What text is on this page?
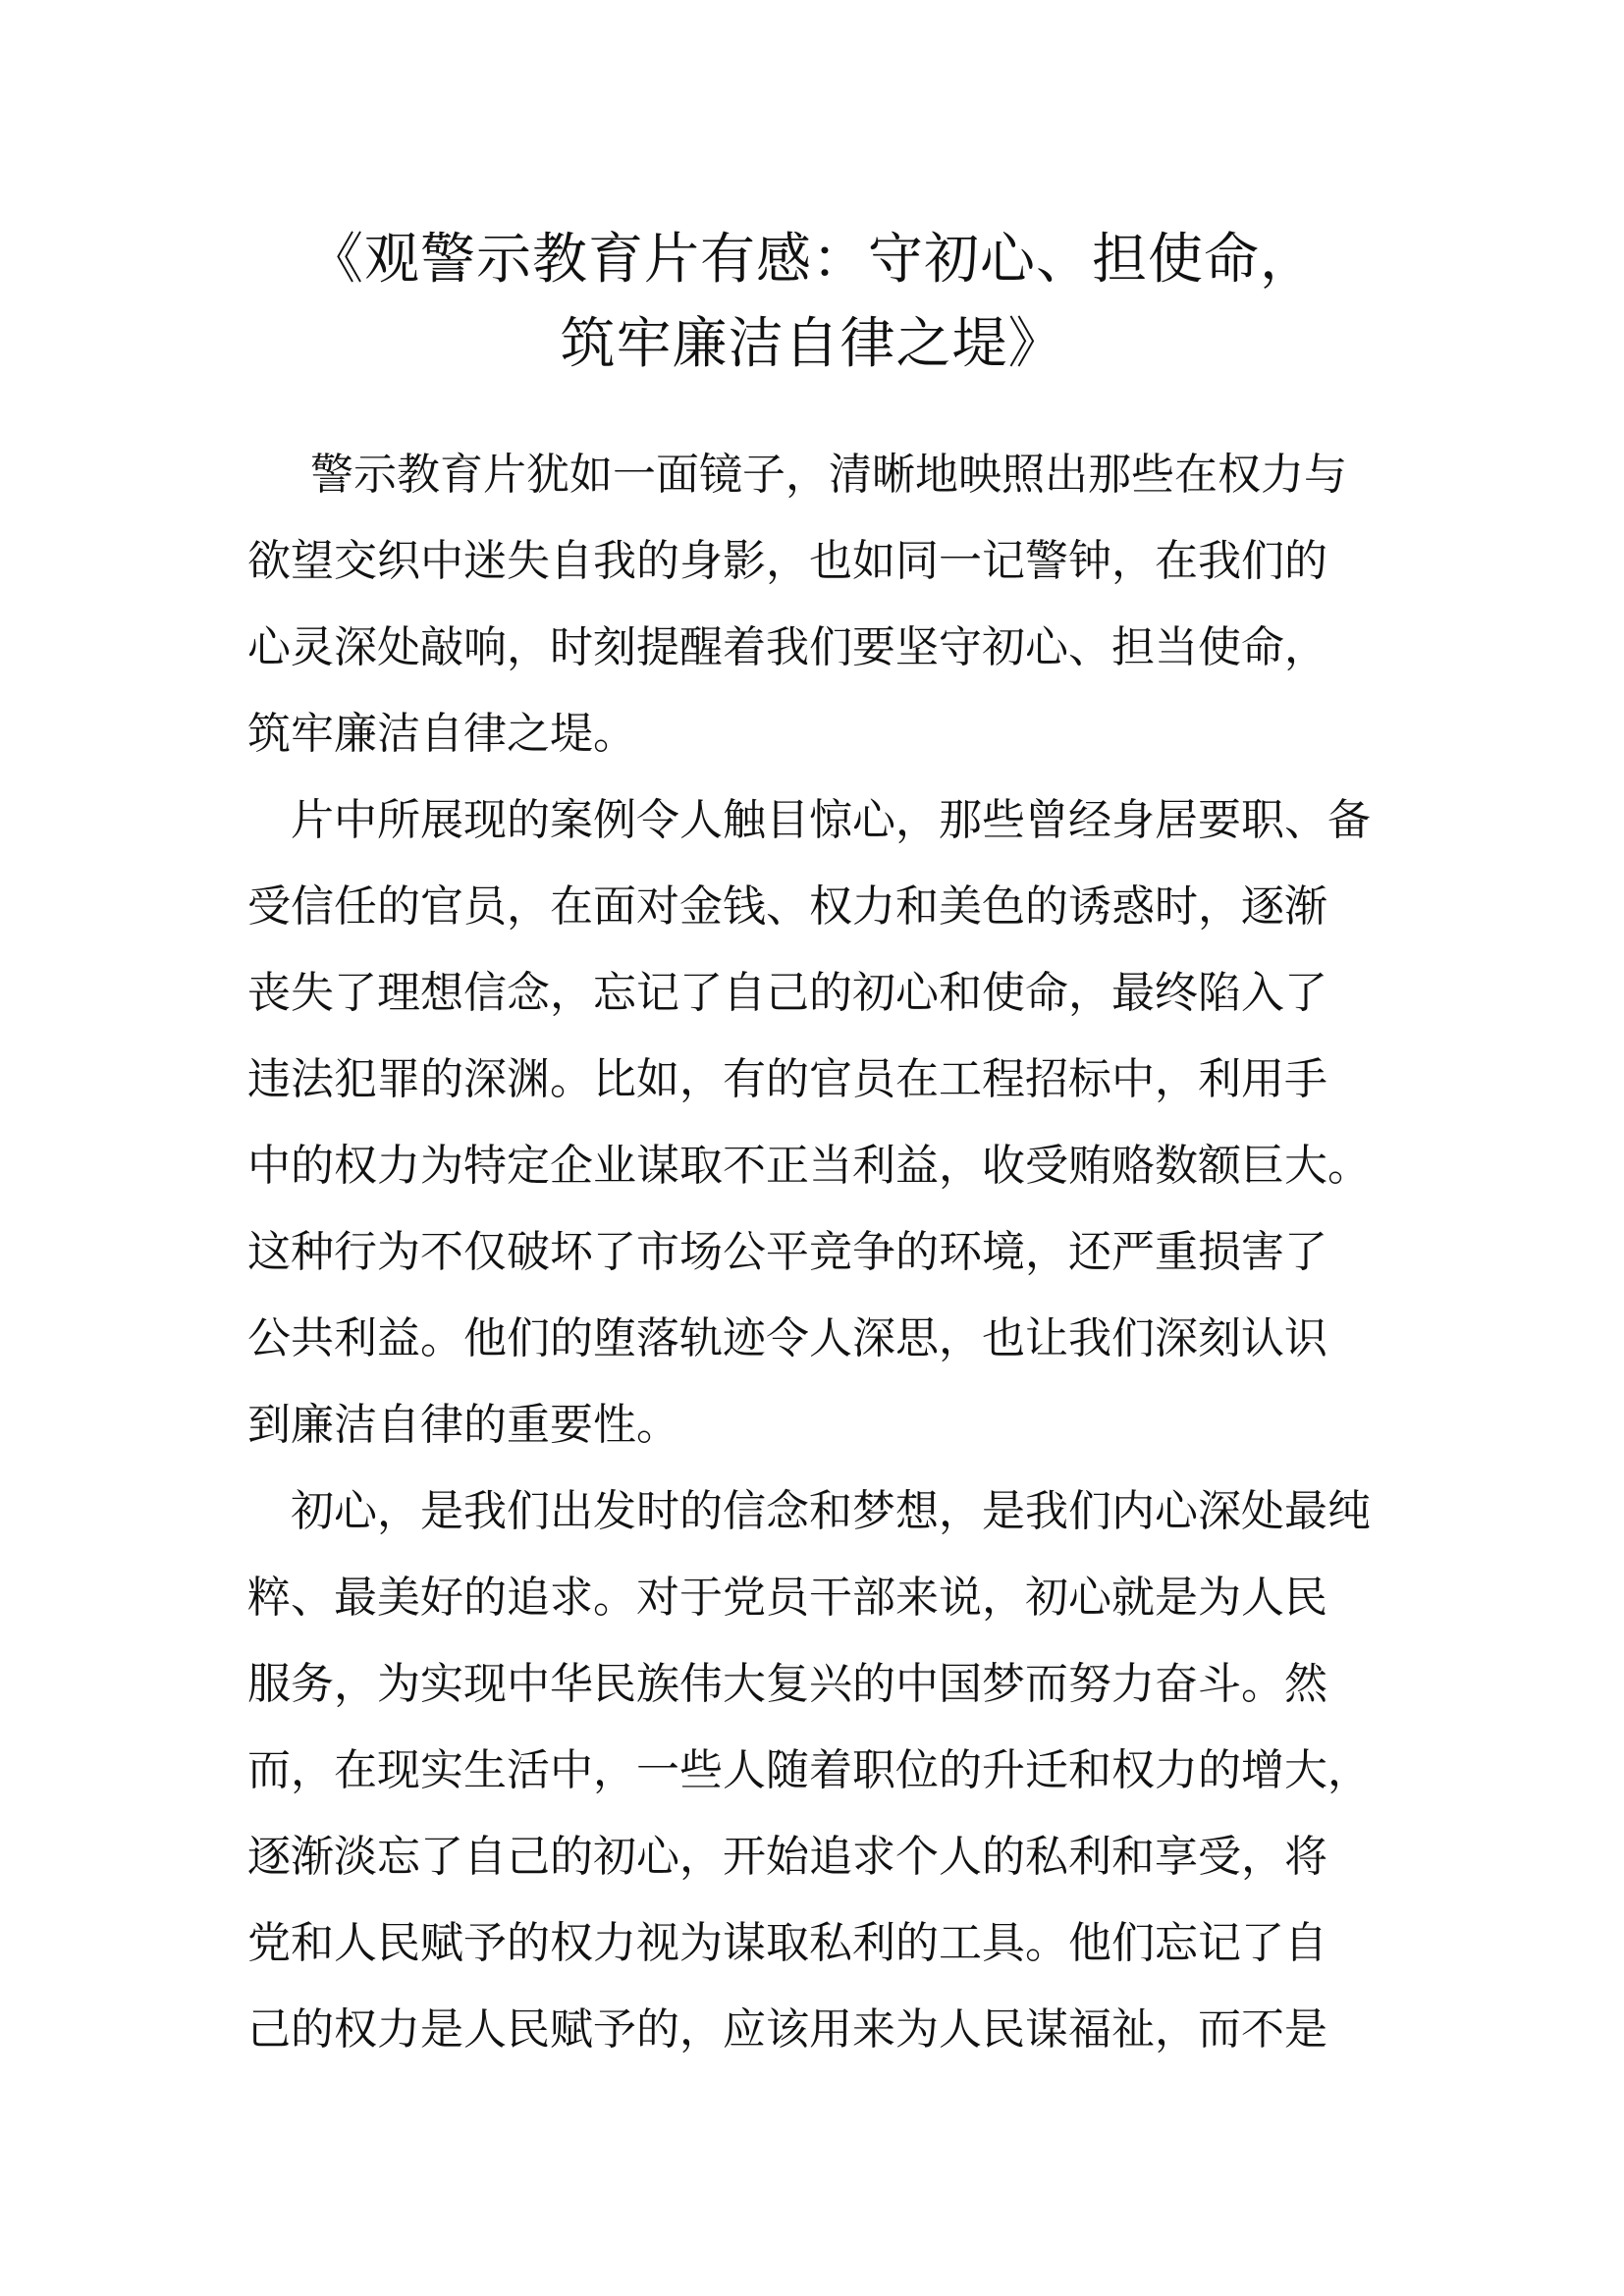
《观警示教育片有感：守初心、担使命，
筑牢廉洁自律之堤》
警示教育片犹如一面镜子，清晰地映照出那些在权力与
欲望交织中迷失自我的身影，也如同一记警钟，在我们的
心灵深处敲响，时刻提醒着我们要坚守初心、担当使命，
筑牢廉洁自律之堤。
片中所展现的案例令人触目惊心，那些曾经身居要职、备
受信任的官员，在面对金钱、权力和美色的诱惑时，逐渐
丧失了理想信念，忘记了自己的初心和使命，最终陷入了
违法犯罪的深渊。比如，有的官员在工程招标中，利用手
中的权力为特定企业谋取不正当利益，收受贿赂数额巨大。
这种行为不仅破坏了市场公平竞争的环境，还严重损害了
公共利益。他们的堕落轨迹令人深思，也让我们深刻认识
到廉洁自律的重要性。
初心，是我们出发时的信念和梦想，是我们内心深处最纯
粹、最美好的追求。对于党员干部来说，初心就是为人民
服务，为实现中华民族伟大复兴的中国梦而努力奋斗。然
而，在现实生活中，一些人随着职位的升迁和权力的增大，
逐渐淡忘了自己的初心，开始追求个人的私利和享受，将
党和人民赋予的权力视为谋取私利的工具。他们忘记了自
己的权力是人民赋予的，应该用来为人民谋福祉，而不是
